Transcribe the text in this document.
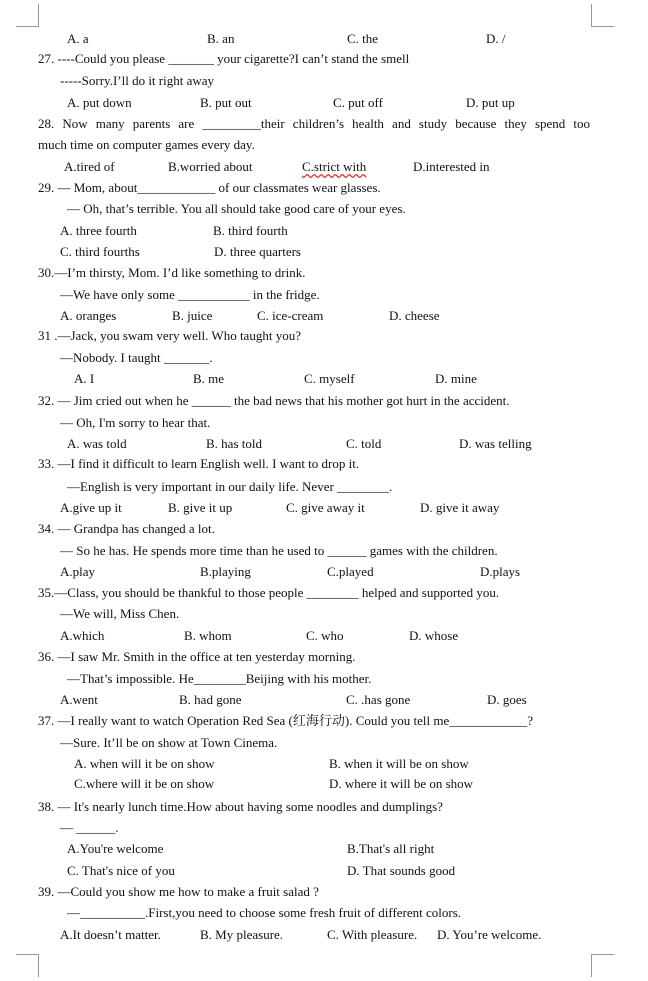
A. a	B. an	C. the	D. /
27. ----Could you please _______ your cigarette?I can’t stand the smell
-----Sorry.I’ll do it right away
A. put down	B. put out	C. put off	D. put up
28. Now many parents are _________their children’s health and study because they spend too
much time on computer games every day.
A.tired of	B.worried about	C.strict with	D.interested in
29. — Mom, about____________ of our classmates wear glasses.
— Oh, that’s terrible. You all should take good care of your eyes.
A. three fourth	B. third fourth
C. third fourths	D. three quarters
30.—I’m thirsty, Mom. I’d like something to drink.
—We have only some ___________ in the fridge.
A. oranges	B. juice	C. ice-cream	D. cheese
31 .—Jack, you swam very well. Who taught you?
—Nobody. I taught _______.
A. I	B. me	C. myself	D. mine
32. — Jim cried out when he ______ the bad news that his mother got hurt in the accident.
— Oh, I'm sorry to hear that.
A. was told	B. has told	C. told	D. was telling
33. —I find it difficult to learn English well. I want to drop it.
—English is very important in our daily life. Never ________.
A.give up it	B. give it up	C. give away it	D. give it away
34. — Grandpa has changed a lot.
— So he has. He spends more time than he used to ______ games with the children.
A.play	B.playing	C.played	D.plays
35.—Class, you should be thankful to those people ________ helped and supported you.
—We will, Miss Chen.
A.which	B. whom	C. who	D. whose
36. —I saw Mr. Smith in the office at ten yesterday morning.
—That’s impossible. He________Beijing with his mother.
A.went	B. had gone	C. .has gone	D. goes
37. —I really want to watch Operation Red Sea (红海行动). Could you tell me____________?
—Sure. It’ll be on show at Town Cinema.
A. when will it be on show	B. when it will be on show
C.where will it be on show	D. where it will be on show
38. — It's nearly lunch time.How about having some noodles and dumplings?
— ______.
A.You're welcome	B.That's all right
C. That's nice of you	D. That sounds good
39. —Could you show me how to make a fruit salad ?
—__________.First,you need to choose some fresh fruit of different colors.
A.It doesn’t matter.	B. My pleasure.	C. With pleasure. D. You’re welcome.
